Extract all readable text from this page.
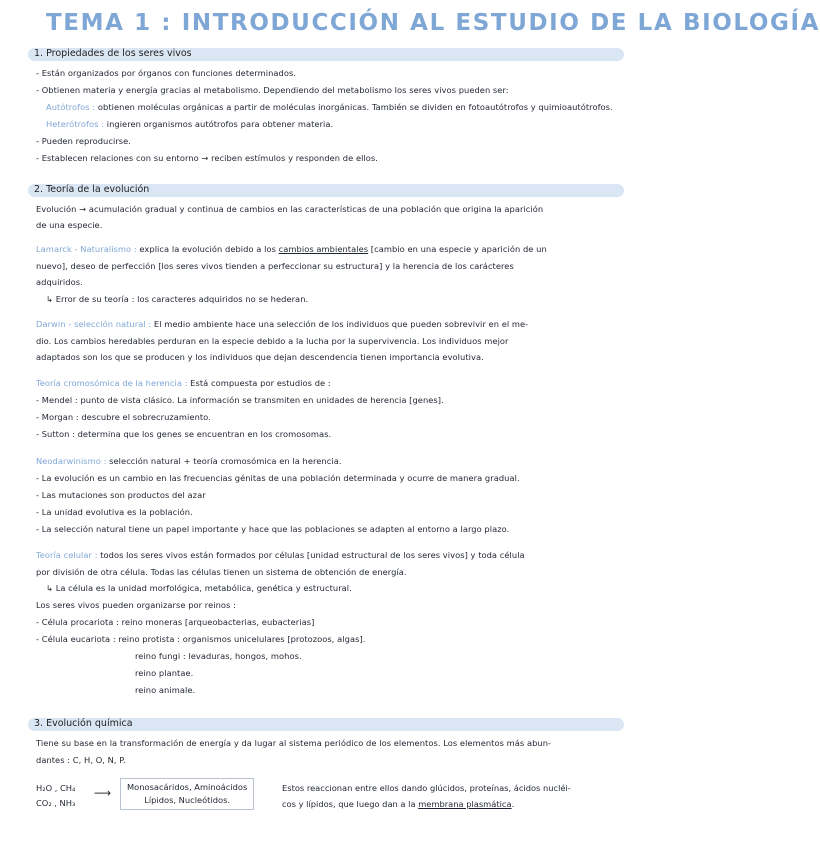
TEMA 1 : INTRODUCCIÓN AL ESTUDIO DE LA BIOLOGÍA
1. Propiedades de los seres vivos
- Están organizados por órganos con funciones determinados.
- Obtienen materia y energía gracias al metabolismo. Dependiendo del metabolismo los seres vivos pueden ser:
Autótrofos : obtienen moléculas orgánicas a partir de moléculas inorgánicas. También se dividen en fotoautótrofos y quimioautótrofos.
Heterótrofos : ingieren organismos autótrofos para obtener materia.
- Pueden reproducirse.
- Establecen relaciones con su entorno → reciben estímulos y responden de ellos.
2. Teoría de la evolución
Evolución → acumulación gradual y continua de cambios en las características de una población que origina la aparición
de una especie.
Lamarck - Naturalismo : explica la evolución debido a los cambios ambientales [cambio en una especie y aparición de un
nuevo], deseo de perfección [los seres vivos tienden a perfeccionar su estructura] y la herencia de los carácteres
adquiridos.
↳ Error de su teoría : los caracteres adquiridos no se hederan.
Darwin - selección natural : El medio ambiente hace una selección de los individuos que pueden sobrevivir en el me-
dio. Los cambios heredables perduran en la especie debido a la lucha por la supervivencia. Los individuos mejor
adaptados son los que se producen y los individuos que dejan descendencia tienen importancia evolutiva.
Teoría cromosómica de la herencia : Está compuesta por estudios de :
- Mendel : punto de vista clásico. La información se transmiten en unidades de herencia [genes].
- Morgan : descubre el sobrecruzamiento.
- Sutton : determina que los genes se encuentran en los cromosomas.
Neodarwinismo : selección natural + teoría cromosómica en la herencia.
- La evolución es un cambio en las frecuencias génitas de una población determinada y ocurre de manera gradual.
- Las mutaciones son productos del azar
- La unidad evolutiva es la población.
- La selección natural tiene un papel importante y hace que las poblaciones se adapten al entorno a largo plazo.
Teoría celular : todos los seres vivos están formados por células [unidad estructural de los seres vivos] y toda célula
por división de otra célula. Todas las células tienen un sistema de obtención de energía.
↳ La célula es la unidad morfológica, metabólica, genética y estructural.
Los seres vivos pueden organizarse por reinos :
- Célula procariota : reino moneras [arqueobacterias, eubacterias]
- Célula eucariota : reino protista : organismos unicelulares [protozoos, algas].
reino fungi : levaduras, hongos, mohos.
reino plantae.
reino animale.
3. Evolución química
Tiene su base en la transformación de energía y da lugar al sistema periódico de los elementos. Los elementos más abun-
dantes : C, H, O, N, P.
H₂O , CH₄
CO₂ , NH₃
⟶ Monosacáridos, Aminoácidos
Lípidos, Nucleótidos.
Estos reaccionan entre ellos dando glúcidos, proteínas, ácidos nucléi-
cos y lípidos, que luego dan a la membrana plasmática.
